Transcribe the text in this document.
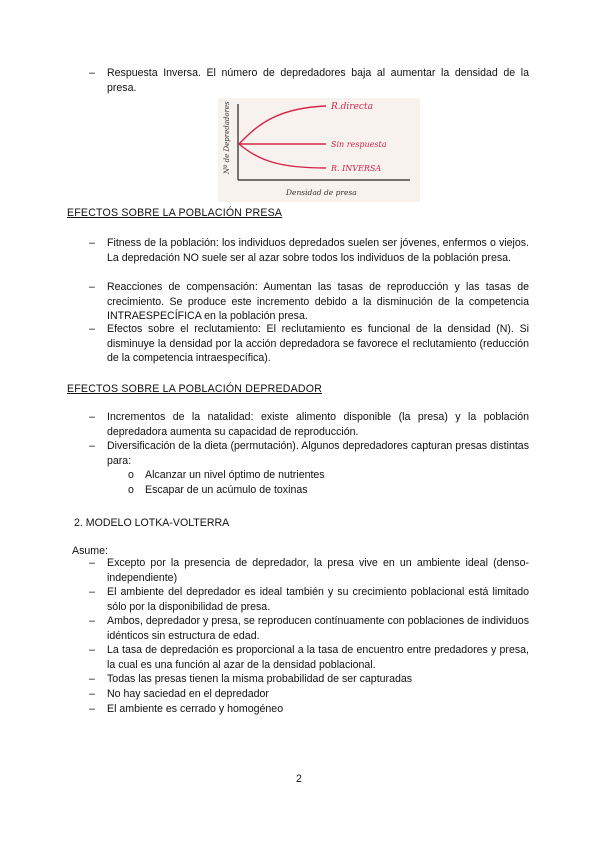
– Respuesta Inversa. El número de depredadores baja al aumentar la densidad de la presa.
Nº de Depredadores
Densidad de presa
R.directa
Sin respuesta
R. INVERSA
EFECTOS SOBRE LA POBLACIÓN PRESA
– Fitness de la población: los individuos depredados suelen ser jóvenes, enfermos o viejos. La depredación NO suele ser al azar sobre todos los individuos de la población presa.
– Reacciones de compensación: Aumentan las tasas de reproducción y las tasas de crecimiento. Se produce este incremento debido a la disminución de la competencia INTRAESPECÍFICA en la población presa.
– Efectos sobre el reclutamiento: El reclutamiento es funcional de la densidad (N). Si disminuye la densidad por la acción depredadora se favorece el reclutamiento (reducción de la competencia intraespecífica).
EFECTOS SOBRE LA POBLACIÓN DEPREDADOR
– Incrementos de la natalidad: existe alimento disponible (la presa) y la población depredadora aumenta su capacidad de reproducción.
– Diversificación de la dieta (permutación). Algunos depredadores capturan presas distintas para:
o Alcanzar un nivel óptimo de nutrientes
o Escapar de un acúmulo de toxinas
2. MODELO LOTKA-VOLTERRA
Asume:
– Excepto por la presencia de depredador, la presa vive en un ambiente ideal (denso-independiente)
– El ambiente del depredador es ideal también y su crecimiento poblacional está limitado sólo por la disponibilidad de presa.
– Ambos, depredador y presa, se reproducen contínuamente con poblaciones de individuos idénticos sin estructura de edad.
– La tasa de depredación es proporcional a la tasa de encuentro entre predadores y presa, la cual es una función al azar de la densidad poblacional.
– Todas las presas tienen la misma probabilidad de ser capturadas
– No hay saciedad en el depredador
– El ambiente es cerrado y homogéneo
2
